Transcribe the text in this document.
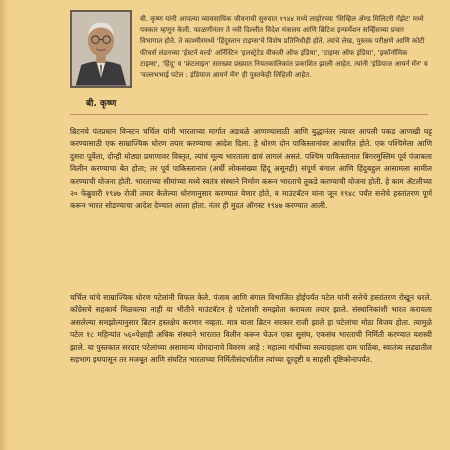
बी. कृष्ण

बी. कृष्ण यांनी आपल्या व्यावसायिक जीवनाची सुरुवात १९४४ मध्ये लाहोरच्या 'सिव्हिल ॲण्ड मिलिटरी गॅझेट' मध्ये पत्रकार म्हणून केली. फाळणीनंतर ते नवी दिल्लीत विदेश मंत्रालय आणि ब्रिटिश इन्फर्मेशन सर्व्हिसच्या प्रचार विभागात होते. ते काश्मीरमध्ये 'हिंदुस्तान टाइम्स'चे विशेष प्रतिनिधीही होते. त्यांचे लेख, पुस्तक परीक्षणे आणि कोटी फीचर्स लंडनच्या 'ईस्टर्न वर्ल्ड' अर्निस्टिन 'इलस्ट्रेटेड वीकली ऑफ इंडिया', 'टाइम्स ऑफ इंडिया', 'इकॉनॉमिक टाइम्स', 'हिंदू' व 'फ्रंटलाइन' सारख्या प्रख्यात नियतकालिकांत प्रकाशित झाली आहेत. त्यांनी 'इंडियाज आयर्न मॅन' व 'वल्लभभाई पटेल : इंडियाज आयर्न मॅन' ही पुस्तकेही लिहिली आहेत.

ब्रिटनचे पंतप्रधान विन्स्टन चर्चिल यांनी भारताच्या मार्गात अडथळे आणण्यासाठी आणि युद्धानंतर त्यावर आपली पकड आणखी घट्ट करण्यासाठी एक साम्राज्यिक धोरण तयार करण्याचा आदेश दिला. हे धोरण दोन पाकिस्तानांवर आधारित होते. एक पश्चिमेला आणि दुसरा पूर्वेला, दोन्ही मोठ्या प्रमाणावर विस्तृत, त्यांचं मूल्य भारताला द्यावं लागलं असतं. पश्चिम पाकिस्तानात बिगरमुस्लिम पूर्व पंजाबला विलीन करण्याचा बेत होता; तर पूर्व पाकिस्तानात (अर्धी लोकसंख्या हिंदू असूनही) संपूर्ण बंगाल आणि हिंदुबहुल आसामला सामील करण्याची योजना होती. भारताच्या सीमांच्या मध्ये स्वतंत्र संस्थाने निर्माण करून भारताचे तुकडे करण्याची योजना होती. हे काम ॲटलीच्या २० फेब्रुवारी १९४७ रोजी तयार केलेल्या धोरणानुसार करण्यात येणार होते, व माउंटबॅटन यांना जून १९४८ पर्यंत सत्तेचे हस्तांतरण पूर्ण करून भारत सोडण्याचा आदेश देण्यात आला होता. नंतर ही मुदत ऑगस्ट १९४७ करण्यात आली.

चर्चिल यांचे साम्राज्यिक धोरण पटेलांनी विफल केले. पंजाब आणि बंगाल विभाजित होईपर्यंत पटेल यांनी सत्तेचे हस्तांतरण रोखून धरले. काँग्रेसचे सहकार्य मिळवल्या नाही या भीतीने माउंटबॅटन हे पटेलांशी समझोता करायला तयार झाले. संस्थानिकांशी भारत करायला असलेल्या समझोत्यानुसार ब्रिटन हस्तक्षेप करणार नव्हता. मात्र याला ब्रिटन सरकार राजी झाले हा पटेलांचा मोठा विजय होता. त्यामुळे पटेल १८ महिन्यांत ५६०पेक्षाही अधिक संस्थाने भारतात विलीन करून घेऊन एका सुसंघ, एकसंध भारताची निर्मिती करण्यात यशस्वी झाले. या पुस्तकात सरदार पटेलांच्या असामान्य योगदानाचे विवरण आहे : महात्मा गांधींच्या सत्याग्रहाला दाम पाठिंबा, स्वातंत्र्य लढ्यातील सहभाग इथपासून तर मजबूत आणि संघटित भारताच्या निर्मितीसंदर्भातील त्यांच्या दूरदृष्टी व साहसी दृष्टिकोनापर्यंत.
